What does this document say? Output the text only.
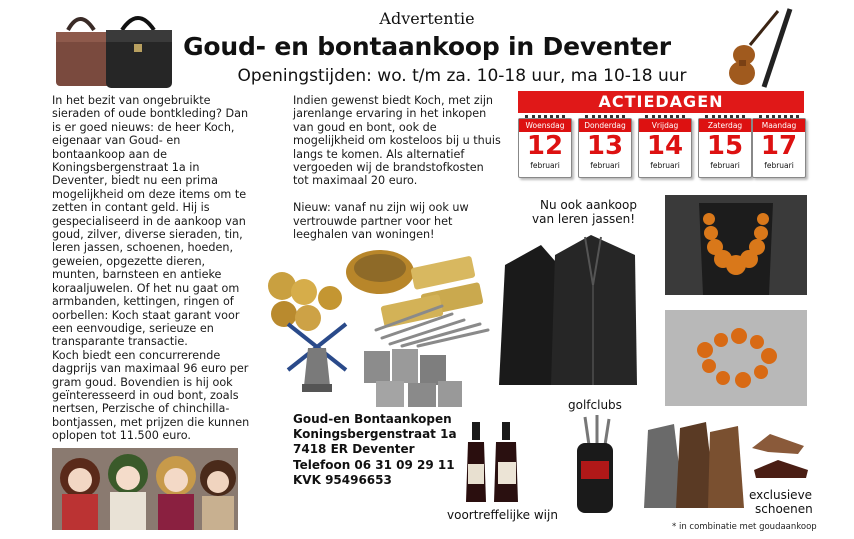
Advertentie
Goud- en bontaankoop in Deventer
Openingstijden: wo. t/m za. 10-18 uur, ma 10-18 uur
In het bezit van ongebruikte
sieraden of oude bontkleding? Dan
is er goed nieuws: de heer Koch,
eigenaar van Goud- en
bontaankoop aan de
Koningsbergenstraat 1a in
Deventer, biedt nu een prima
mogelijkheid om deze items om te
zetten in contant geld. Hij is
gespecialiseerd in de aankoop van
goud, zilver, diverse sieraden, tin,
leren jassen, schoenen, hoeden,
geweien, opgezette dieren,
munten, barnsteen en antieke
koraaljuwelen. Of het nu gaat om
armbanden, kettingen, ringen of
oorbellen: Koch staat garant voor
een eenvoudige, serieuze en
transparante transactie.
Koch biedt een concurrerende
dagprijs van maximaal 96 euro per
gram goud. Bovendien is hij ook
geïnteresseerd in oud bont, zoals
nertsen, Perzische of chinchilla-
bontjassen, met prijzen die kunnen
oplopen tot 11.500 euro.
Indien gewenst biedt Koch, met zijn
jarenlange ervaring in het inkopen
van goud en bont, ook de
mogelijkheid om kosteloos bij u thuis
langs te komen. Als alternatief
vergoeden wij de brandstofkosten
tot maximaal 20 euro.
Nieuw: vanaf nu zijn wij ook uw
vertrouwde partner voor het
leeghalen van woningen!
ACTIEDAGEN
Woensdag
12
februari
Donderdag
13
februari
Vrijdag
14
februari
Zaterdag
15
februari
Maandag
17
februari
Nu ook aankoop
van leren jassen!
golfclubs
voortreffelijke wijn
exclusieve
schoenen
Goud-en Bontaankopen
Koningsbergenstraat 1a
7418 ER Deventer
Telefoon 06 31 09 29 11
KVK 95496653
* in combinatie met goudaankoop
